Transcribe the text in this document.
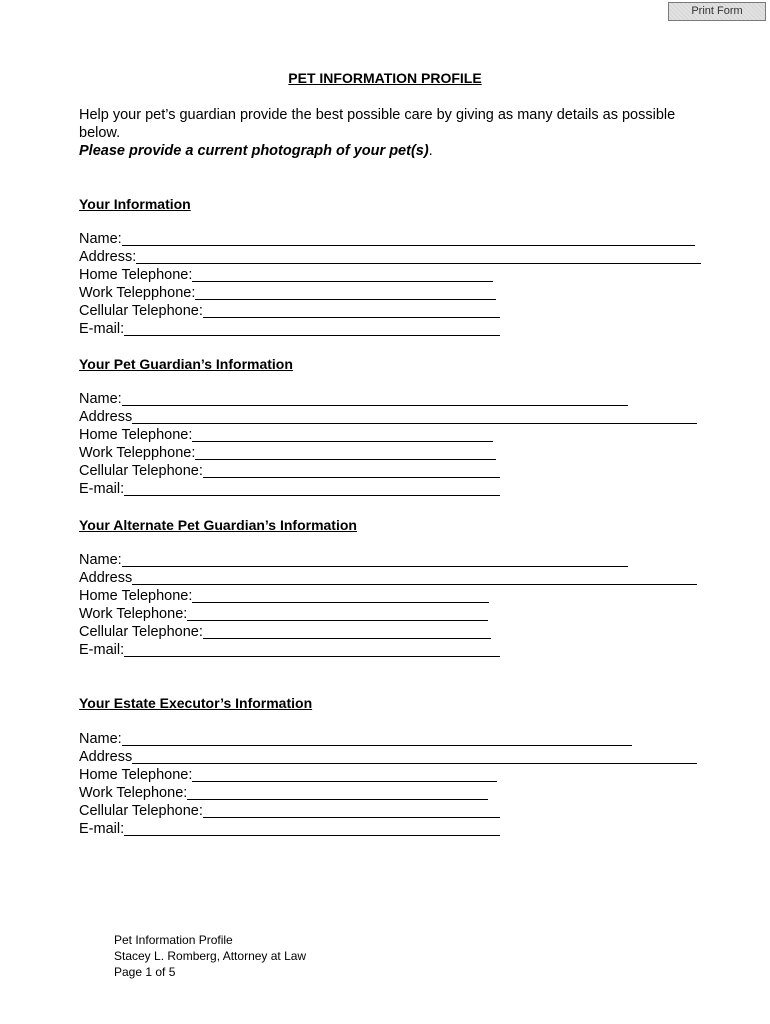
Print Form
PET INFORMATION PROFILE
Help your pet’s guardian provide the best possible care by giving as many details as possible below.
Please provide a current photograph of your pet(s).
Your Information
Name:
Address:
Home Telephone:
Work Telepphone:
Cellular Telephone:
E-mail:
Your Pet Guardian’s Information
Name:
Address
Home Telephone:
Work Telepphone:
Cellular Telephone:
E-mail:
Your Alternate Pet Guardian’s Information
Name:
Address
Home Telephone:
Work Telephone:
Cellular Telephone:
E-mail:
Your Estate Executor’s Information
Name:
Address
Home Telephone:
Work Telephone:
Cellular Telephone:
E-mail:
Pet Information Profile
Stacey L. Romberg, Attorney at Law
Page 1 of 5
